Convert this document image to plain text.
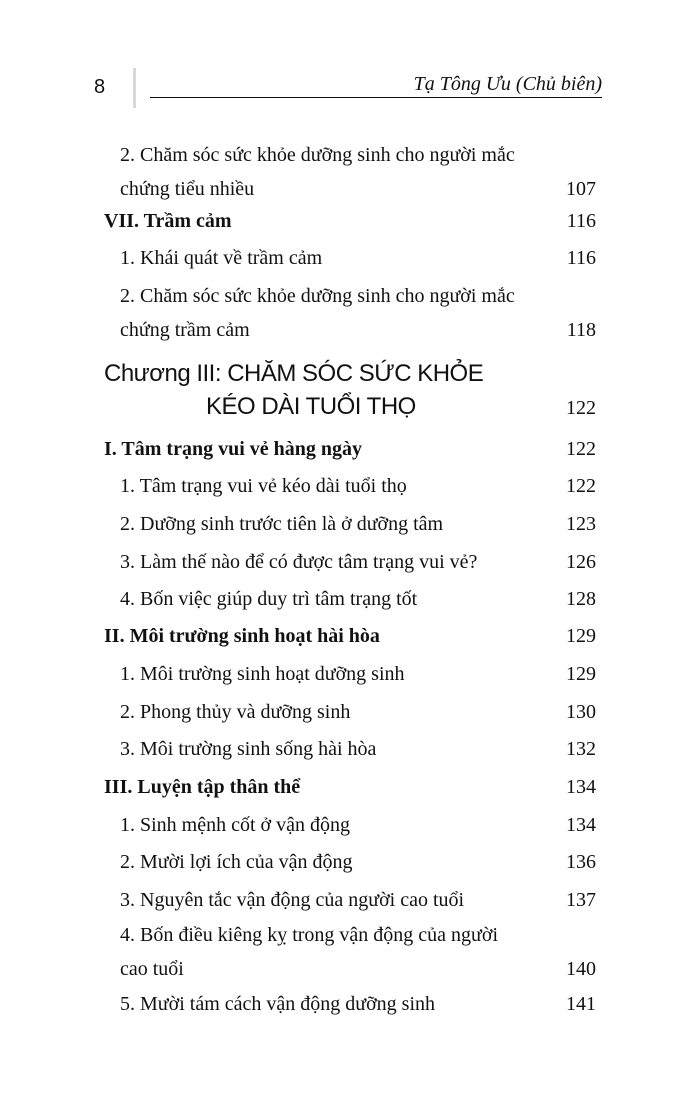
8	Tạ Tông Ưu (Chủ biên)
2. Chăm sóc sức khỏe dưỡng sinh cho người mắc
chứng tiểu nhiều	107
VII. Trầm cảm	116
1. Khái quát về trầm cảm	116
2. Chăm sóc sức khỏe dưỡng sinh cho người mắc
chứng trầm cảm	118
Chương III: CHĂM SÓC SỨC KHỎE
KÉO DÀI TUỔI THỌ	122
I. Tâm trạng vui vẻ hàng ngày	122
1. Tâm trạng vui vẻ kéo dài tuổi thọ	122
2. Dưỡng sinh trước tiên là ở dưỡng tâm	123
3. Làm thế nào để có được tâm trạng vui vẻ?	126
4. Bốn việc giúp duy trì tâm trạng tốt	128
II. Môi trường sinh hoạt hài hòa	129
1. Môi trường sinh hoạt dưỡng sinh	129
2. Phong thủy và dưỡng sinh	130
3. Môi trường sinh sống hài hòa	132
III. Luyện tập thân thể	134
1. Sinh mệnh cốt ở vận động	134
2. Mười lợi ích của vận động	136
3. Nguyên tắc vận động của người cao tuổi	137
4. Bốn điều kiêng kỵ trong vận động của người
cao tuổi	140
5. Mười tám cách vận động dưỡng sinh	141
